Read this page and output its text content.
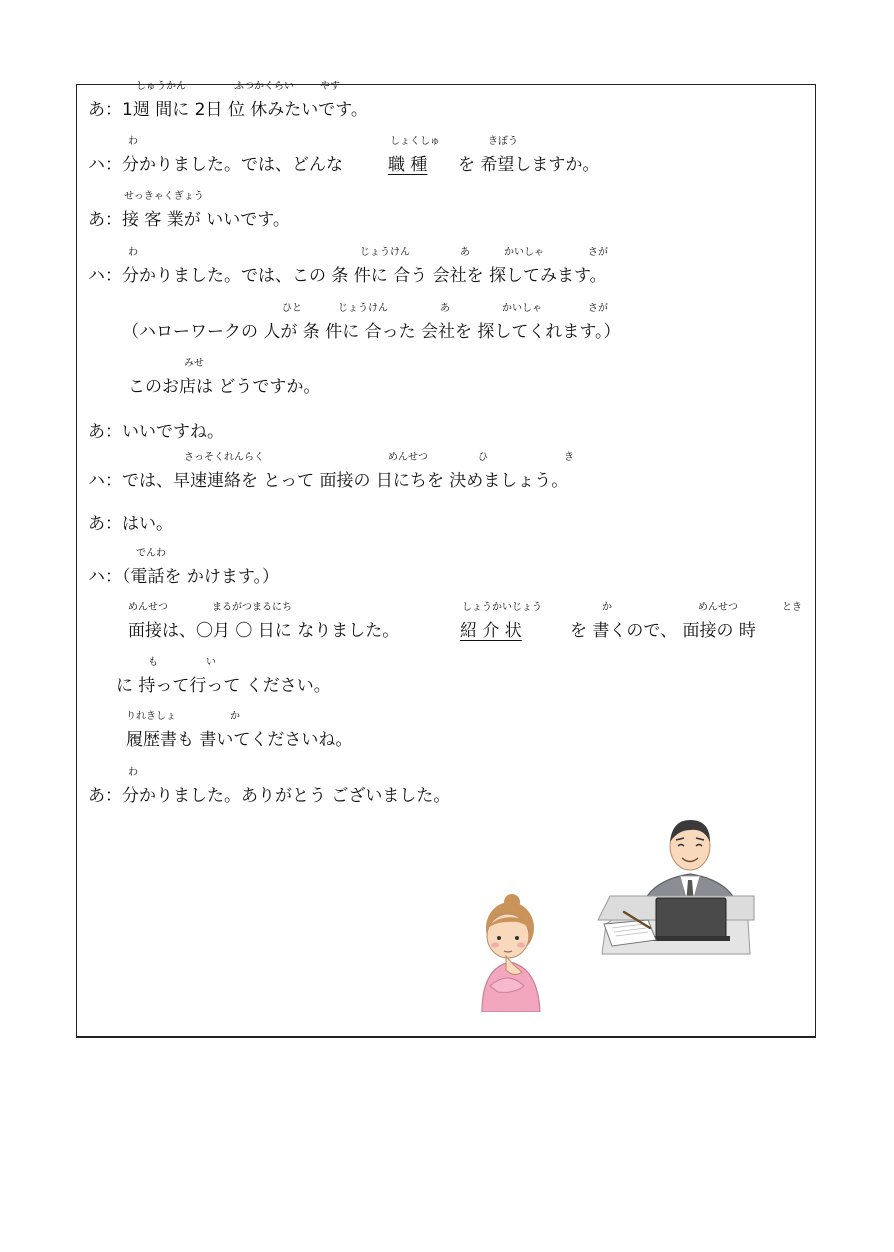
あ：1週 間に 2日 位 休みたいです。
しゅうかん	ふつかくらい	やす
ハ：分かりました。では、どんな	職 種 を 希望しますか。
わ	しょくしゅ	きぼう
あ：接 客 業が いいです。
せっきゃくぎょう
ハ：分かりました。では、この 条 件に 合う 会社を 探してみます。
わ	じょうけん	あ	かいしゃ	さが
（ハローワークの 人が 条 件に 合った 会社を 探してくれます。）
ひと	じょうけん	あ	かいしゃ	さが
このお店は どうですか。
みせ
あ：いいですね。
ハ：では、早速連絡を とって 面接の 日にちを 決めましょう。
さっそくれんらく	めんせつ	ひ	き
あ：はい。
ハ：（電話を かけます。）
でんわ
面接は、〇月 〇 日に なりました。	紹 介 状	を 書くので、 面接の 時
めんせつ	まるがつまるにち	しょうかいじょう	か	めんせつ	とき
に 持って行って ください。
も	い
履歴書も 書いてくださいね。
りれきしょ	か
あ：分かりました。ありがとう ございました。
わ
